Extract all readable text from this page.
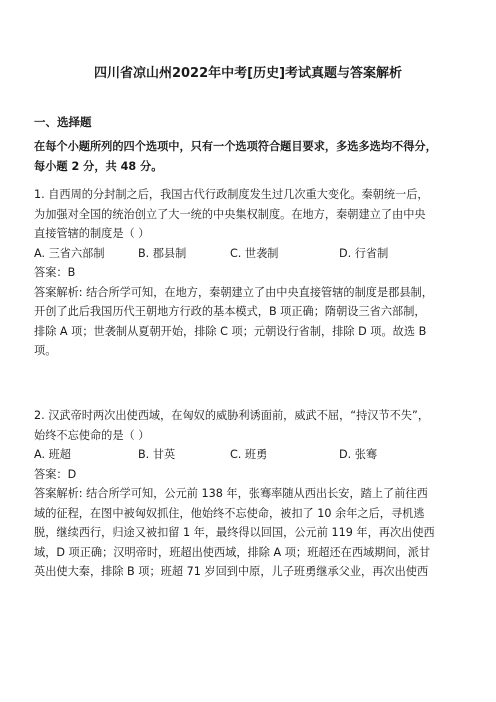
四川省凉山州2022年中考[历史]考试真题与答案解析
一、选择题
在每个小题所列的四个选项中，只有一个选项符合题目要求，多选多选均不得分，
每小题 2 分，共 48 分。
1. 自西周的分封制之后，我国古代行政制度发生过几次重大变化。秦朝统一后，
为加强对全国的统治创立了大一统的中央集权制度。在地方，秦朝建立了由中央
直接管辖的制度是（ ）
A. 三省六部制	B. 郡县制	C. 世袭制	D. 行省制
答案：B
答案解析: 结合所学可知，在地方，秦朝建立了由中央直接管辖的制度是郡县制，
开创了此后我国历代王朝地方行政的基本模式，B 项正确；隋朝设三省六部制，
排除 A 项；世袭制从夏朝开始，排除 C 项；元朝设行省制，排除 D 项。故选 B
项。
2. 汉武帝时两次出使西域，在匈奴的威胁利诱面前，威武不屈，“持汉节不失”，
始终不忘使命的是（ ）
A. 班超	B. 甘英	C. 班勇	D. 张骞
答案：D
答案解析: 结合所学可知，公元前 138 年，张骞率随从西出长安，踏上了前往西
域的征程，在图中被匈奴抓住，他始终不忘使命，被扣了 10 余年之后，寻机逃
脱，继续西行，归途又被扣留 1 年，最终得以回国，公元前 119 年，再次出使西
域，D 项正确；汉明帝时，班超出使西域，排除 A 项；班超还在西域期间，派甘
英出使大秦，排除 B 项；班超 71 岁回到中原，儿子班勇继承父业，再次出使西
